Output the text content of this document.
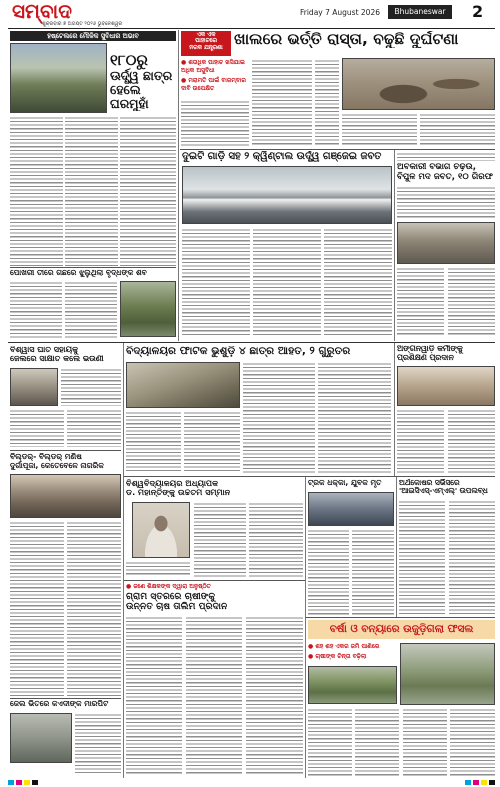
ସମ୍ବାଦ
ଶୁକ୍ରବାର ୭ ଅଗଷ୍ଟ ୨୦୨୬ ଭୁବନେଶ୍ୱର
Friday 7 August 2026	Bhubaneswar	2
ହଷ୍ଟେଲରେ ମୌଳିକ ସୁବିଧାର ଅଭାବ
୧୮୦ରୁ
ଊର୍ଦ୍ଧ୍ୱ ଛାତ୍ର
ହେଲେ
ଘରମୁହାଁ
ଏକ ଏକ
ପାହାଚରେ
ନରକ ଯନ୍ତ୍ରଣା ଖାଲରେ ଭର୍ତ୍ତି ରାସ୍ତା, ବଢୁଛି ଦୁର୍ଘଟଣା
● ଶତାଧିକ ପାହାଚ ଖସିଯାଇ ଅଧିକ ଅସୁବିଧା
● ମରାମତି ପାଇଁ ବାରମ୍ବାର ଦାବି ଉପେକ୍ଷିତ
ଦୁଇଟି ଗାଡ଼ି ସହ ୨ କ୍ୱିଣ୍ଟାଲ ଉର୍ଦ୍ଧ୍ୱ ଗଞ୍ଜେଇ ଜବତ
ଅବକାରୀ ବିଭାଗ ଚଢ଼ଉ,
ବିପୁଳ ମଦ ଜବତ, ୧୦ ଗିରଫ
ପୋଖରୀ ତୀରେ ଗଛରେ ଝୁଲୁଥିଲା ବୃଦ୍ଧଙ୍କ ଶବ
ବିଶ୍ୱାସ ଘାତ ସହାୟକୁ
ଜେଲରେ ସାକ୍ଷାତ କଲେ ଭଉଣୀ
ବିଲ୍ଡର୍‌- ବିଲ୍ଡର୍‌ ମଣିଷ
ଦୁର୍ଗାପୂଜା, କେତେବେଳେ ନାଗରିକ
ଜେଲ ଭିତରେ କଏଦୀଙ୍କ ମାରପିଟ
ବିଦ୍ୟାଳୟର ଫାଟକ ଭୁଶୁଡ଼ି ୪ ଛାତ୍ର ଆହତ, ୨ ଗୁରୁତର	ଅଙ୍ଗନୱାଡ଼ି କର୍ମୀଙ୍କୁ
ପ୍ରଶିକ୍ଷଣ ପ୍ରଦାନ
ବିଶ୍ୱବିଦ୍ୟାଳୟର ଅଧ୍ୟାପକ
ଡ. ମହାନ୍ତିଙ୍କୁ ଉଚ୍ଚତମ ସମ୍ମାନ
● ଜଣେ ଶିକ୍ଷକଙ୍କ ଦ୍ୱାରା ଅନୁଷ୍ଠିତ
ଗ୍ରାମ ସ୍ତରରେ ଚାଷୀଙ୍କୁ
ଉନ୍ନତ ଚାଷ ତାଲିମ ପ୍ରଦାନ
ଟ୍ରକ ଧକ୍କା, ଯୁବକ ମୃତ	ଅର୍ଥକୋଷର ସର୍ଭିସରେ
'ଆଇସିଏସ୍‌-ଏମ୍‌ଏଲ୍‌' ଉପଲବ୍ଧ
ବର୍ଷା ଓ ବନ୍ୟାରେ ଉଜୁଡ଼ିଗଲା ଫସଲ
● ଶହ ଶହ ଏକର ଜମି ପାଣିରେ
● ଚାଷୀଙ୍କ ଚିନ୍ତା ବଢ଼ିଲା
